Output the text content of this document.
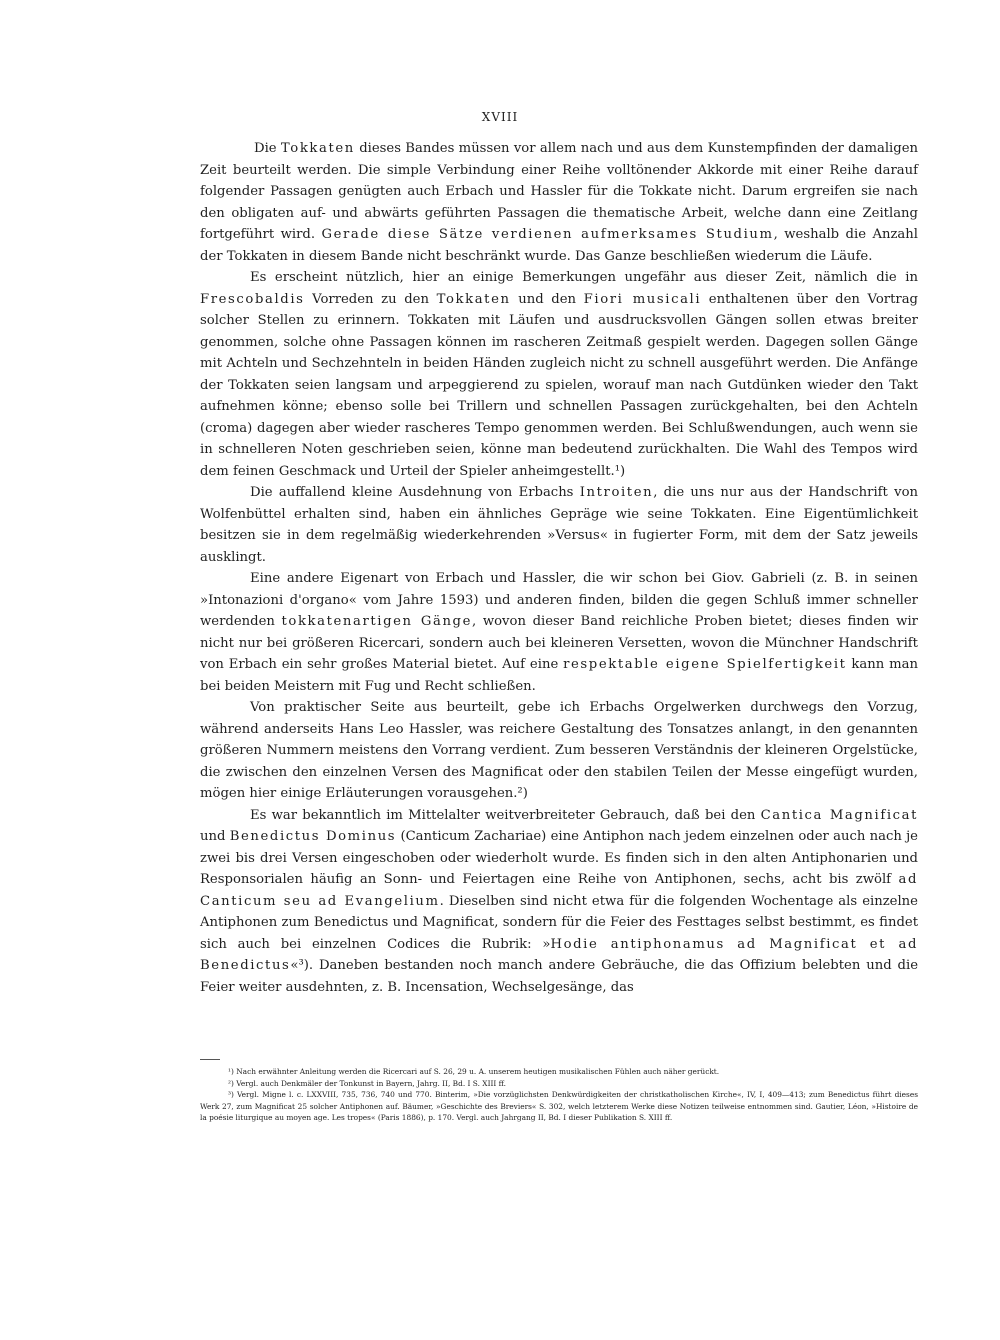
XVIII

Die Tokkaten dieses Bandes müssen vor allem nach und aus dem Kunstempfinden der damaligen Zeit beurteilt werden. Die simple Verbindung einer Reihe volltönender Akkorde mit einer Reihe darauf folgender Passagen genügten auch Erbach und Hassler für die Tokkate nicht. Darum ergreifen sie nach den obligaten auf- und abwärts geführten Passagen die thematische Arbeit, welche dann eine Zeitlang fortgeführt wird. Gerade diese Sätze verdienen aufmerksames Studium, weshalb die Anzahl der Tokkaten in diesem Bande nicht beschränkt wurde. Das Ganze beschließen wiederum die Läufe.

Es erscheint nützlich, hier an einige Bemerkungen ungefähr aus dieser Zeit, nämlich die in Frescobaldis Vorreden zu den Tokkaten und den Fiori musicali enthaltenen über den Vortrag solcher Stellen zu erinnern. Tokkaten mit Läufen und ausdrucksvollen Gängen sollen etwas breiter genommen, solche ohne Passagen können im rascheren Zeitmaß gespielt werden. Dagegen sollen Gänge mit Achteln und Sechzehnteln in beiden Händen zugleich nicht zu schnell ausgeführt werden. Die Anfänge der Tokkaten seien langsam und arpeggierend zu spielen, worauf man nach Gutdünken wieder den Takt aufnehmen könne; ebenso solle bei Trillern und schnellen Passagen zurückgehalten, bei den Achteln (croma) dagegen aber wieder rascheres Tempo genommen werden. Bei Schlußwendungen, auch wenn sie in schnelleren Noten geschrieben seien, könne man bedeutend zurückhalten. Die Wahl des Tempos wird dem feinen Geschmack und Urteil der Spieler anheimgestellt.¹)

Die auffallend kleine Ausdehnung von Erbachs Introiten, die uns nur aus der Handschrift von Wolfenbüttel erhalten sind, haben ein ähnliches Gepräge wie seine Tokkaten. Eine Eigentümlichkeit besitzen sie in dem regelmäßig wiederkehrenden »Versus« in fugierter Form, mit dem der Satz jeweils ausklingt.

Eine andere Eigenart von Erbach und Hassler, die wir schon bei Giov. Gabrieli (z. B. in seinen »Intonazioni d'organo« vom Jahre 1593) und anderen finden, bilden die gegen Schluß immer schneller werdenden tokkatenartigen Gänge, wovon dieser Band reichliche Proben bietet; dieses finden wir nicht nur bei größeren Ricercari, sondern auch bei kleineren Versetten, wovon die Münchner Handschrift von Erbach ein sehr großes Material bietet. Auf eine respektable eigene Spielfertigkeit kann man bei beiden Meistern mit Fug und Recht schließen.

Von praktischer Seite aus beurteilt, gebe ich Erbachs Orgelwerken durchwegs den Vorzug, während anderseits Hans Leo Hassler, was reichere Gestaltung des Tonsatzes anlangt, in den genannten größeren Nummern meistens den Vorrang verdient. Zum besseren Verständnis der kleineren Orgelstücke, die zwischen den einzelnen Versen des Magnificat oder den stabilen Teilen der Messe eingefügt wurden, mögen hier einige Erläuterungen vorausgehen.²)

Es war bekanntlich im Mittelalter weitverbreiteter Gebrauch, daß bei den Cantica Magnificat und Benedictus Dominus (Canticum Zachariae) eine Antiphon nach jedem einzelnen oder auch nach je zwei bis drei Versen eingeschoben oder wiederholt wurde. Es finden sich in den alten Antiphonarien und Responsorialen häufig an Sonn- und Feiertagen eine Reihe von Antiphonen, sechs, acht bis zwölf ad Canticum seu ad Evangelium. Dieselben sind nicht etwa für die folgenden Wochentage als einzelne Antiphonen zum Benedictus und Magnificat, sondern für die Feier des Festtages selbst bestimmt, es findet sich auch bei einzelnen Codices die Rubrik: »Hodie antiphonamus ad Magnificat et ad Benedictus«³). Daneben bestanden noch manch andere Gebräuche, die das Offizium belebten und die Feier weiter ausdehnten, z. B. Incensation, Wechselgesänge, das

¹) Nach erwähnter Anleitung werden die Ricercari auf S. 26, 29 u. A. unserem heutigen musikalischen Fühlen auch näher gerückt.

²) Vergl. auch Denkmäler der Tonkunst in Bayern, Jahrg. II, Bd. I S. XIII ff.

³) Vergl. Migne l. c. LXXVIII, 735, 736, 740 und 770. Binterim, »Die vorzüglichsten Denkwürdigkeiten der christkatholischen Kirche«, IV, I, 409—413; zum Benedictus führt dieses Werk 27, zum Magnificat 25 solcher Antiphonen auf. Bäumer, »Geschichte des Breviers« S. 302, welch letzterem Werke diese Notizen teilweise entnommen sind. Gautier, Léon, »Histoire de la poésie liturgique au moyen age. Les tropes« (Paris 1886), p. 170. Vergl. auch Jahrgang II, Bd. I dieser Publikation S. XIII ff.
